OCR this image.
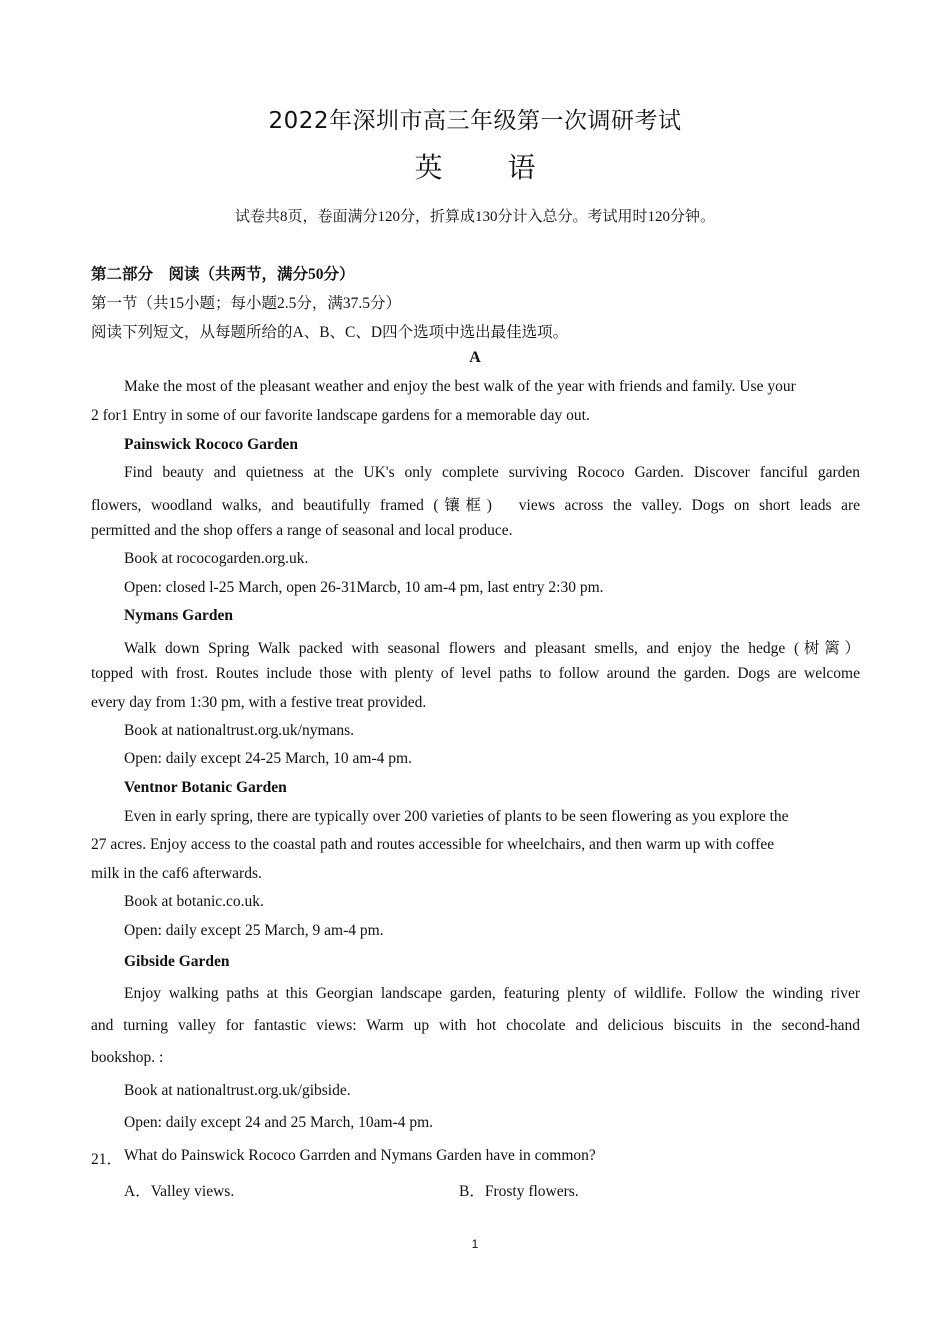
2022年深圳市高三年级第一次调研考试
英 语
试卷共8页，卷面满分120分，折算成130分计入总分。考试用时120分钟。
第二部分　阅读（共两节，满分50分）
第一节（共15小题；每小题2.5分，满37.5分）
阅读下列短文，从每题所给的A、B、C、D四个选项中选出最佳选项。
A
Make the most of the pleasant weather and enjoy the best walk of the year with friends and family. Use your
2 for1 Entry in some of our favorite landscape gardens for a memorable day out.
Painswick Rococo Garden
Find beauty and quietness at the UK's only complete surviving Rococo Garden. Discover fanciful garden
flowers, woodland walks, and beautifully framed (镶框)　views across the valley. Dogs on short leads are
permitted and the shop offers a range of seasonal and local produce.
Book at rococogarden.org.uk.
Open: closed l-25 March, open 26-31Marcb, 10 am-4 pm, last entry 2:30 pm.
Nymans Garden
Walk down Spring Walk packed with seasonal flowers and pleasant smells, and enjoy the hedge (树篱）
topped with frost. Routes include those with plenty of level paths to follow around the garden. Dogs are welcome
every day from 1:30 pm, with a festive treat provided.
Book at nationaltrust.org.uk/nymans.
Open: daily except 24-25 March, 10 am-4 pm.
Ventnor Botanic Garden
Even in early spring, there are typically over 200 varieties of plants to be seen flowering as you explore the
27 acres. Enjoy access to the coastal path and routes accessible for wheelchairs, and then warm up with coffee
milk in the caf6 afterwards.
Book at botanic.co.uk.
Open: daily except 25 March, 9 am-4 pm.
Gibside Garden
Enjoy walking paths at this Georgian landscape garden, featuring plenty of wildlife. Follow the winding river
and turning valley for fantastic views: Warm up with hot chocolate and delicious biscuits in the second-hand
bookshop. :
Book at nationaltrust.org.uk/gibside.
Open: daily except 24 and 25 March, 10am-4 pm.
21． What do Painswick Rococo Garrden and Nymans Garden have in common?
A．Valley views.	B．Frosty flowers.
1
